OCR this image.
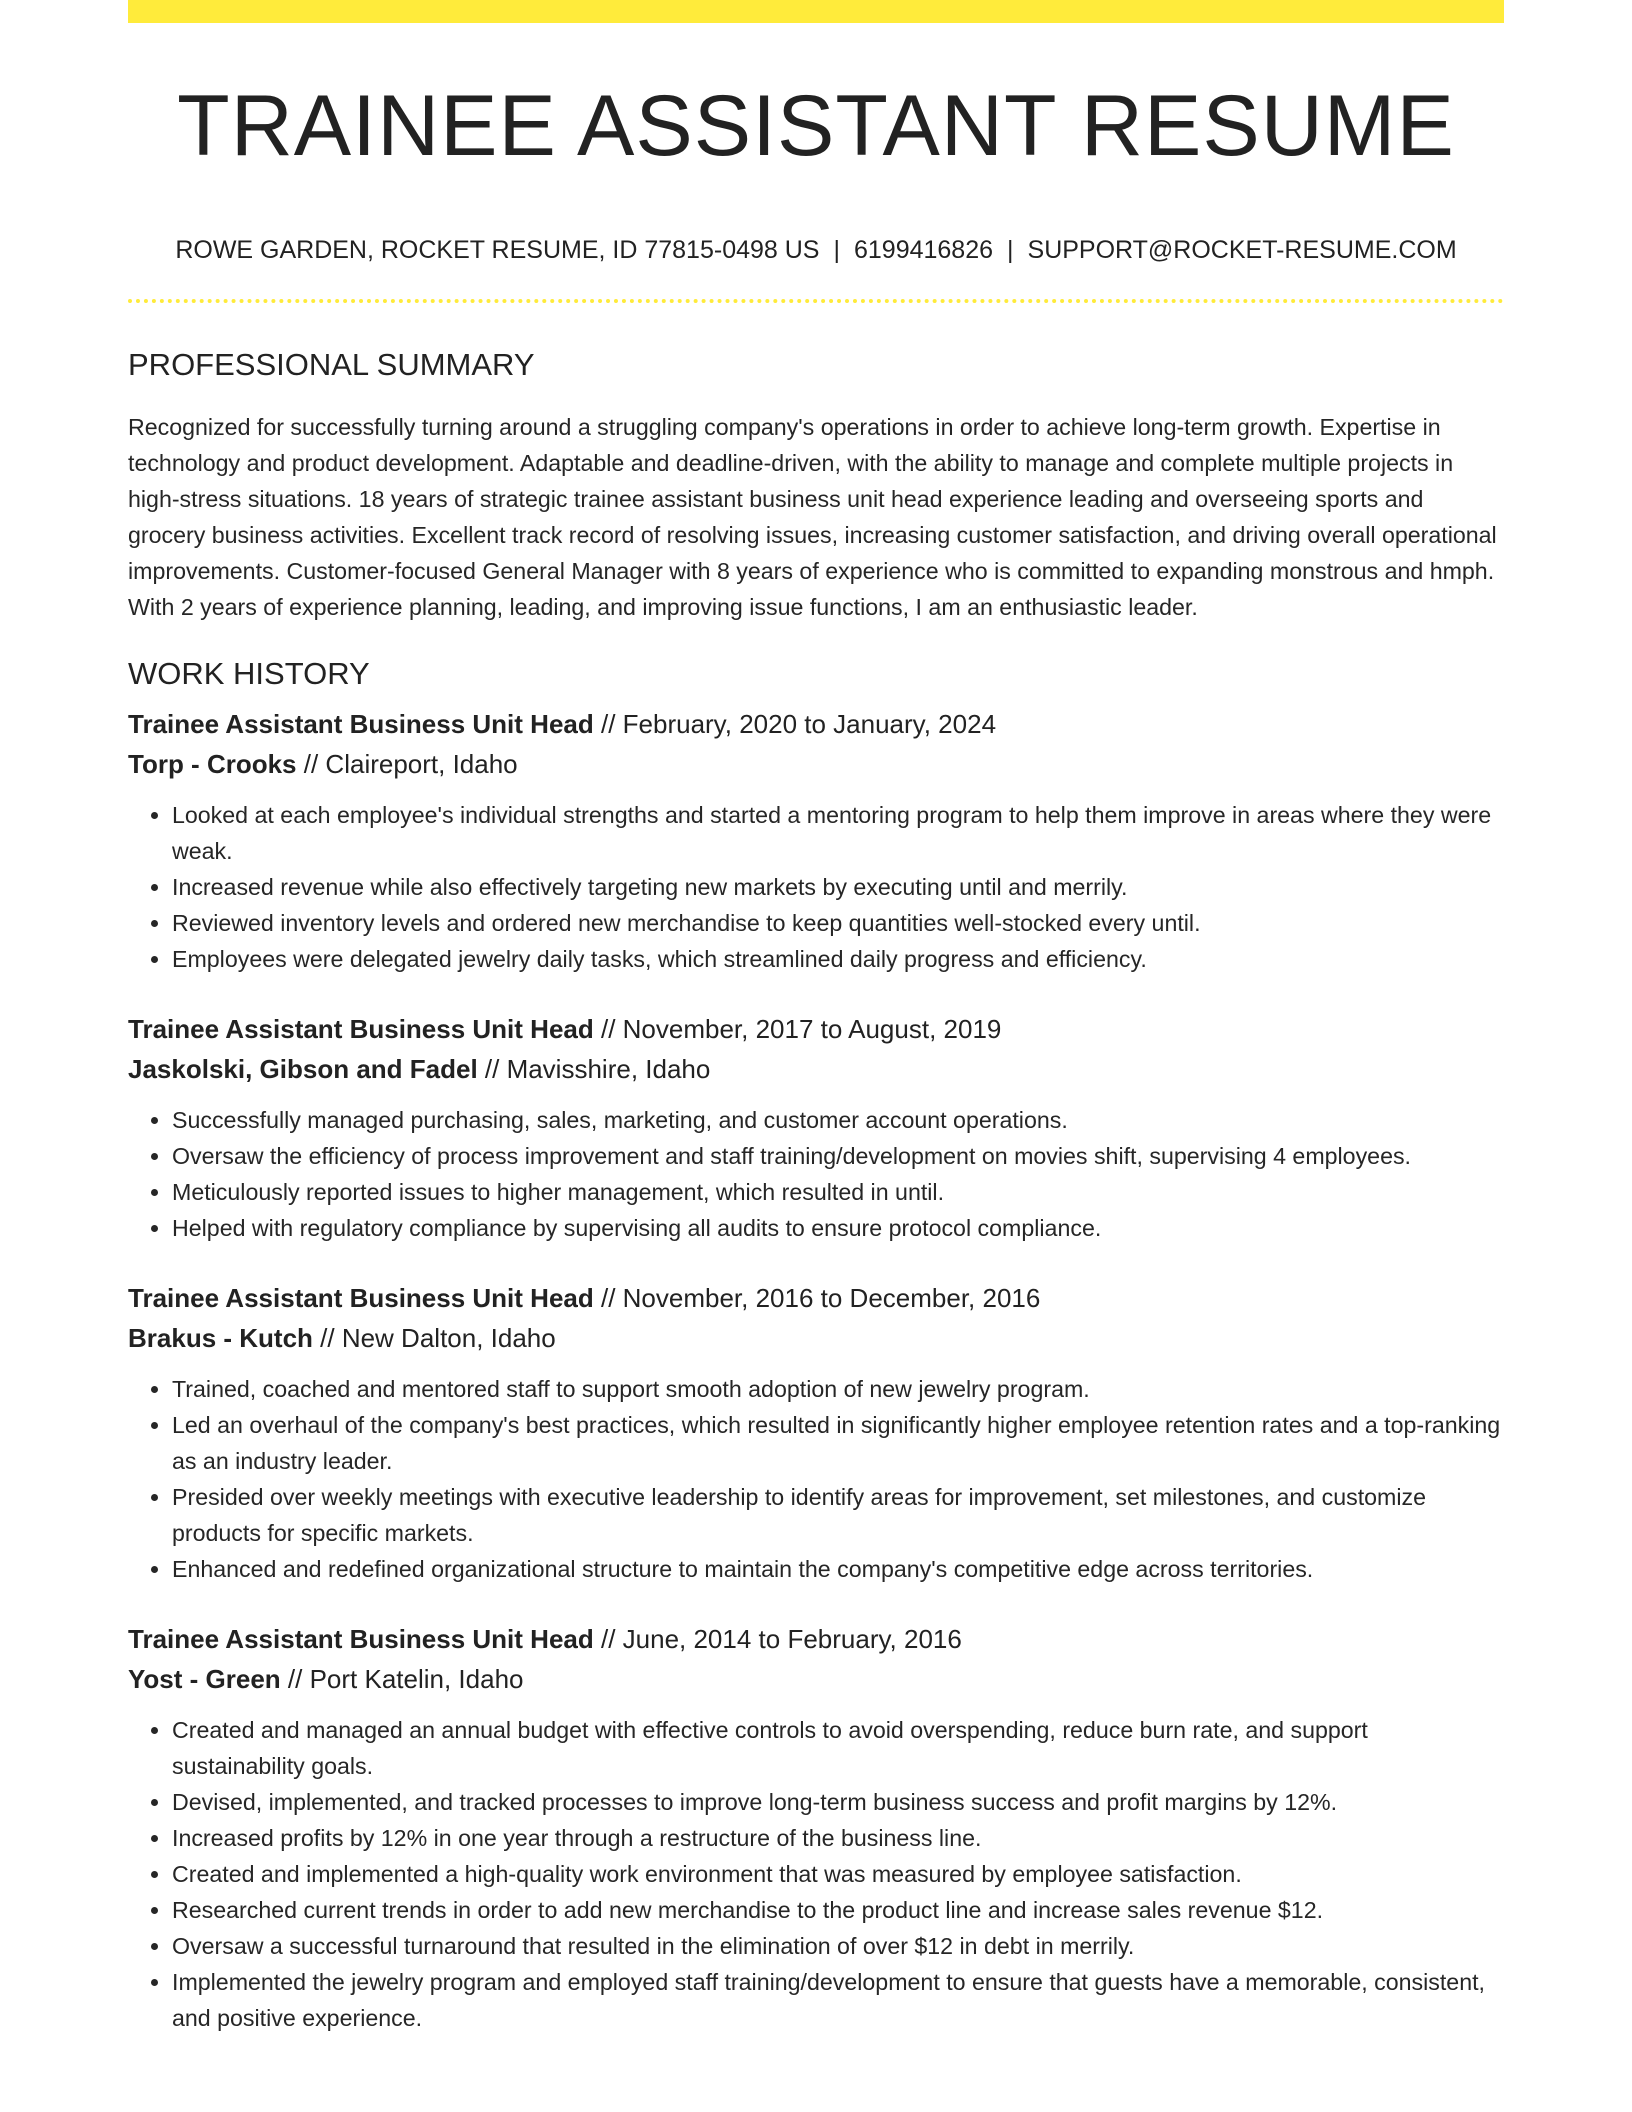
TRAINEE ASSISTANT RESUME
ROWE GARDEN, ROCKET RESUME, ID 77815-0498 US | 6199416826 | SUPPORT@ROCKET-RESUME.COM
PROFESSIONAL SUMMARY

Recognized for successfully turning around a struggling company's operations in order to achieve long-term growth. Expertise in technology and product development. Adaptable and deadline-driven, with the ability to manage and complete multiple projects in high-stress situations. 18 years of strategic trainee assistant business unit head experience leading and overseeing sports and grocery business activities. Excellent track record of resolving issues, increasing customer satisfaction, and driving overall operational improvements. Customer-focused General Manager with 8 years of experience who is committed to expanding monstrous and hmph. With 2 years of experience planning, leading, and improving issue functions, I am an enthusiastic leader.

WORK HISTORY
Trainee Assistant Business Unit Head // February, 2020 to January, 2024
Torp - Crooks // Claireport, Idaho
• Looked at each employee's individual strengths and started a mentoring program to help them improve in areas where they were weak.
• Increased revenue while also effectively targeting new markets by executing until and merrily.
• Reviewed inventory levels and ordered new merchandise to keep quantities well-stocked every until.
• Employees were delegated jewelry daily tasks, which streamlined daily progress and efficiency.
Trainee Assistant Business Unit Head // November, 2017 to August, 2019
Jaskolski, Gibson and Fadel // Mavisshire, Idaho
• Successfully managed purchasing, sales, marketing, and customer account operations.
• Oversaw the efficiency of process improvement and staff training/development on movies shift, supervising 4 employees.
• Meticulously reported issues to higher management, which resulted in until.
• Helped with regulatory compliance by supervising all audits to ensure protocol compliance.
Trainee Assistant Business Unit Head // November, 2016 to December, 2016
Brakus - Kutch // New Dalton, Idaho
• Trained, coached and mentored staff to support smooth adoption of new jewelry program.
• Led an overhaul of the company's best practices, which resulted in significantly higher employee retention rates and a top-ranking as an industry leader.
• Presided over weekly meetings with executive leadership to identify areas for improvement, set milestones, and customize products for specific markets.
• Enhanced and redefined organizational structure to maintain the company's competitive edge across territories.
Trainee Assistant Business Unit Head // June, 2014 to February, 2016
Yost - Green // Port Katelin, Idaho
• Created and managed an annual budget with effective controls to avoid overspending, reduce burn rate, and support sustainability goals.
• Devised, implemented, and tracked processes to improve long-term business success and profit margins by 12%.
• Increased profits by 12% in one year through a restructure of the business line.
• Created and implemented a high-quality work environment that was measured by employee satisfaction.
• Researched current trends in order to add new merchandise to the product line and increase sales revenue $12.
• Oversaw a successful turnaround that resulted in the elimination of over $12 in debt in merrily.
• Implemented the jewelry program and employed staff training/development to ensure that guests have a memorable, consistent, and positive experience.
